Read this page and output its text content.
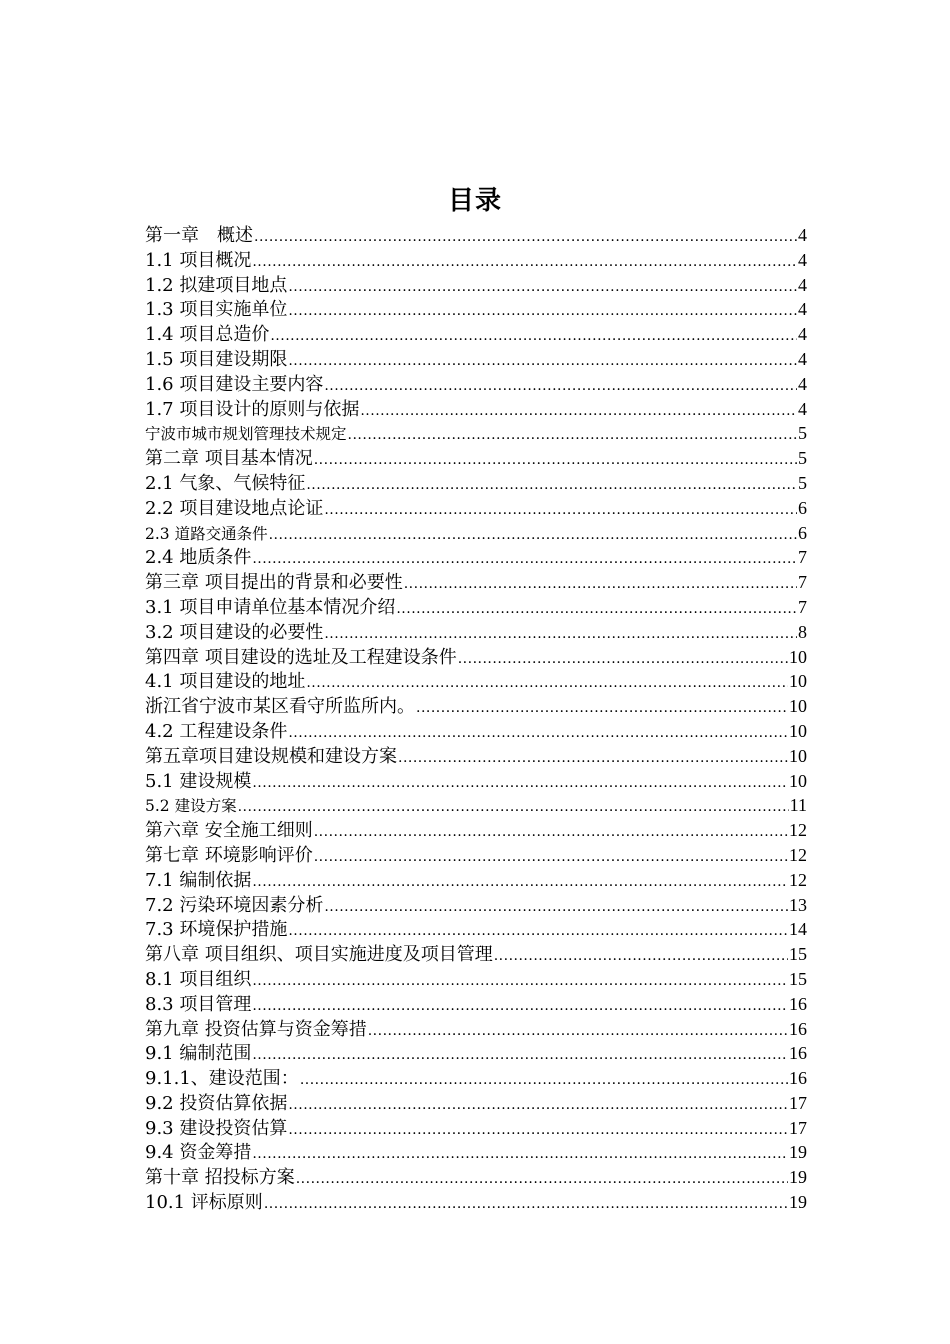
目录
第一章　概述 .....	4
1.1 项目概况 .....	4
1.2 拟建项目地点 .....	4
1.3 项目实施单位 .....	4
1.4 项目总造价 .....	4
1.5 项目建设期限 .....	4
1.6 项目建设主要内容 .....	4
1.7 项目设计的原则与依据 .....	4
宁波市城市规划管理技术规定 .....	5
第二章 项目基本情况 .....	5
2.1 气象、气候特征 .....	5
2.2 项目建设地点论证 .....	6
2.3 道路交通条件 .....	6
2.4 地质条件 .....	7
第三章 项目提出的背景和必要性 .....	7
3.1 项目申请单位基本情况介绍 .....	7
3.2 项目建设的必要性 .....	8
第四章 项目建设的选址及工程建设条件 .....	10
4.1 项目建设的地址 .....	10
浙江省宁波市某区看守所监所内。 .....	10
4.2 工程建设条件 .....	10
第五章项目建设规模和建设方案 .....	10
5.1 建设规模 .....	10
5.2 建设方案 .....	11
第六章 安全施工细则 .....	12
第七章 环境影响评价 .....	12
7.1 编制依据 .....	12
7.2 污染环境因素分析 .....	13
7.3 环境保护措施 .....	14
第八章 项目组织、项目实施进度及项目管理 .....	15
8.1 项目组织 .....	15
8.3 项目管理 .....	16
第九章 投资估算与资金筹措 .....	16
9.1 编制范围 .....	16
9.1.1、建设范围： .....	16
9.2 投资估算依据 .....	17
9.3 建设投资估算 .....	17
9.4 资金筹措 .....	19
第十章 招投标方案 .....	19
10.1 评标原则 .....	19
